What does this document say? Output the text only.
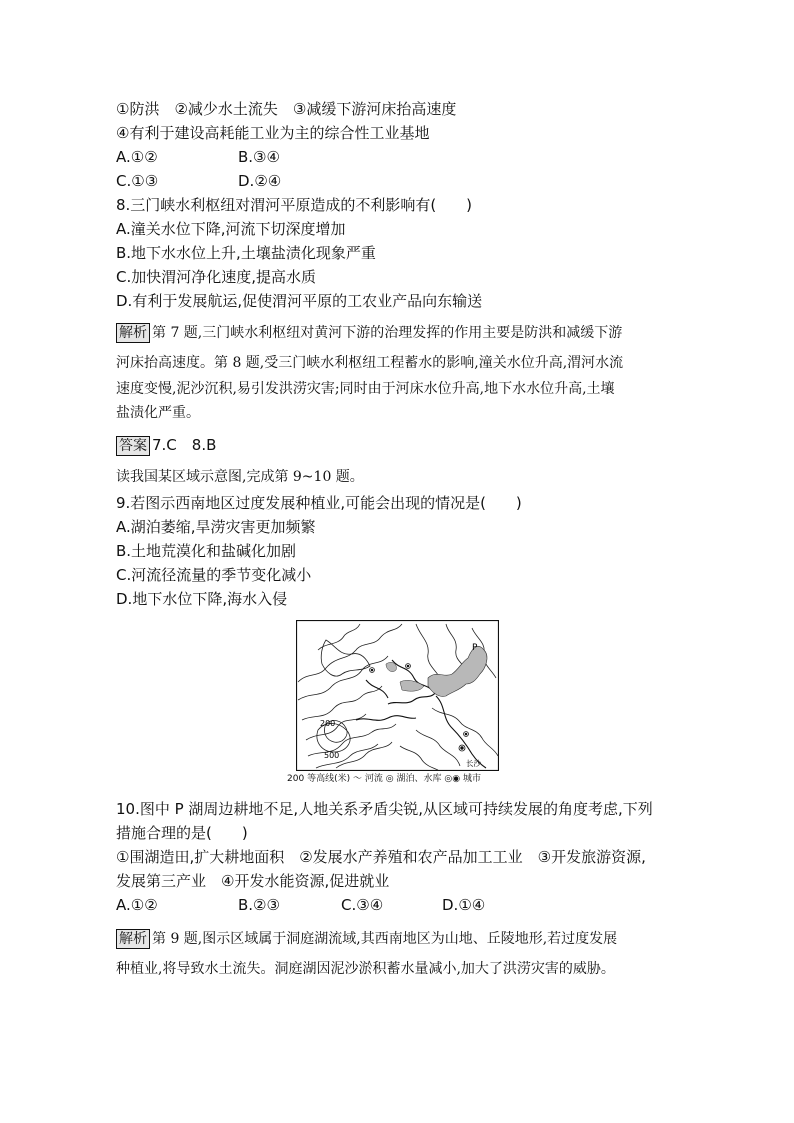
①防洪　②减少水土流失　③减缓下游河床抬高速度
④有利于建设高耗能工业为主的综合性工业基地
A.①②	B.③④
C.①③	D.②④
8.三门峡水利枢纽对渭河平原造成的不利影响有(　　)
A.潼关水位下降,河流下切深度增加
B.地下水水位上升,土壤盐渍化现象严重
C.加快渭河净化速度,提高水质
D.有利于发展航运,促使渭河平原的工农业产品向东输送
解析 第 7 题,三门峡水利枢纽对黄河下游的治理发挥的作用主要是防洪和减缓下游
河床抬高速度。第 8 题,受三门峡水利枢纽工程蓄水的影响,潼关水位升高,渭河水流
速度变慢,泥沙沉积,易引发洪涝灾害;同时由于河床水位升高,地下水水位升高,土壤
盐渍化严重。
答案 7.C　8.B
读我国某区域示意图,完成第 9~10 题。
9.若图示西南地区过度发展种植业,可能会出现的情况是(　　)
A.湖泊萎缩,旱涝灾害更加频繁
B.土地荒漠化和盐碱化加剧
C.河流径流量的季节变化减小
D.地下水位下降,海水入侵
P
200
500
长沙
200 等高线(米) 〜 河流 ◎ 湖泊、水库 ◎◉ 城市
10.图中 P 湖周边耕地不足,人地关系矛盾尖锐,从区域可持续发展的角度考虑,下列
措施合理的是(　　)
①围湖造田,扩大耕地面积　②发展水产养殖和农产品加工工业　③开发旅游资源,
发展第三产业　④开发水能资源,促进就业
A.①②	B.②③	C.③④	D.①④
解析 第 9 题,图示区域属于洞庭湖流域,其西南地区为山地、丘陵地形,若过度发展
种植业,将导致水土流失。洞庭湖因泥沙淤积蓄水量减小,加大了洪涝灾害的威胁。
